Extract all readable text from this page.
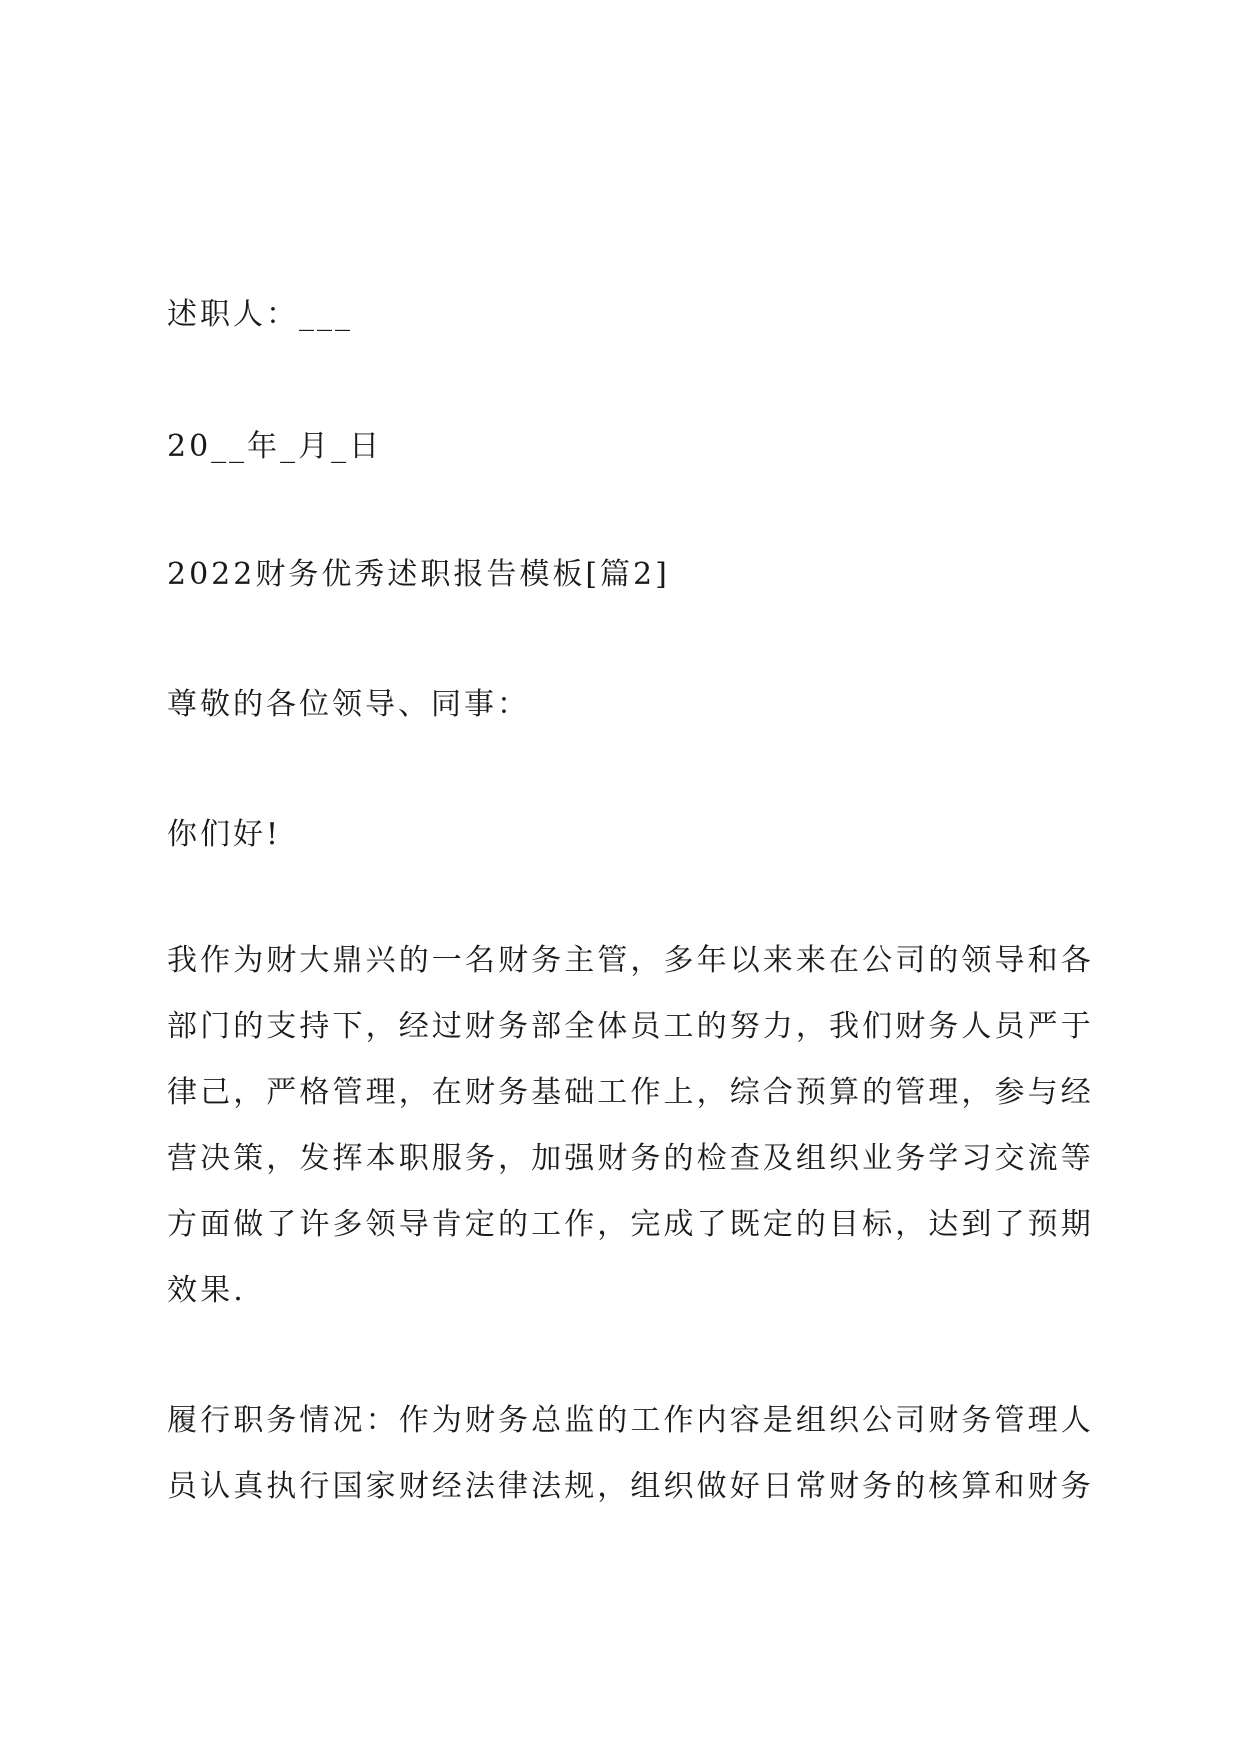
述职人：___

20__年_月_日

2022财务优秀述职报告模板[篇2]

尊敬的各位领导、同事：

你们好!

我作为财大鼎兴的一名财务主管，多年以来来在公司的领导和各
部门的支持下，经过财务部全体员工的努力，我们财务人员严于
律己，严格管理，在财务基础工作上，综合预算的管理，参与经
营决策，发挥本职服务，加强财务的检查及组织业务学习交流等
方面做了许多领导肯定的工作，完成了既定的目标，达到了预期
效果.
履行职务情况：作为财务总监的工作内容是组织公司财务管理人
员认真执行国家财经法律法规，组织做好日常财务的核算和财务
